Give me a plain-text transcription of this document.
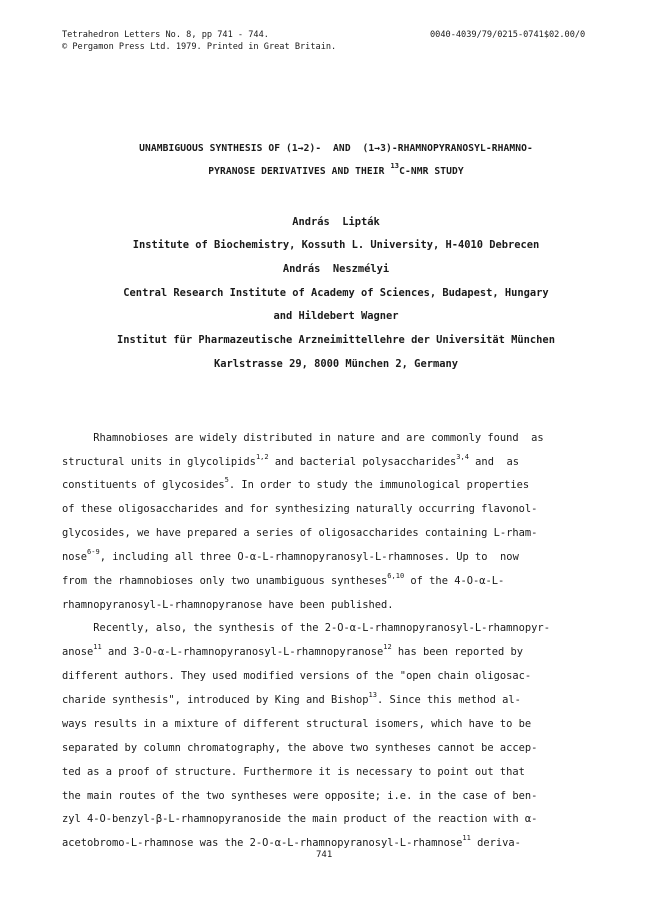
Tetrahedron Letters No. 8, pp 741 - 744.
© Pergamon Press Ltd. 1979. Printed in Great Britain.
0040-4039/79/0215-0741$02.00/0
UNAMBIGUOUS SYNTHESIS OF (1→2)-  AND  (1→3)-RHAMNOPYRANOSYL-RHAMNO-
PYRANOSE DERIVATIVES AND THEIR $^{13}$C-NMR STUDY
András  Lipták
Institute of Biochemistry, Kossuth L. University, H-4010 Debrecen
András  Neszmélyi
Central Research Institute of Academy of Sciences, Budapest, Hungary
and Hildebert Wagner
Institut für Pharmazeutische Arzneimittellehre der Universität München
Karlstrasse 29, 8000 München 2, Germany
Rhamnobioses are widely distributed in nature and are commonly found  as
structural units in glycolipids$^{1,2}$ and bacterial polysaccharides$^{3,4}$ and  as
constituents of glycosides$^5$. In order to study the immunological properties
of these oligosaccharides and for synthesizing naturally occurring flavonol-
glycosides, we have prepared a series of oligosaccharides containing L-rham-
nose$^{6-9}$, including all three O-α-L-rhamnopyranosyl-L-rhamnoses. Up to  now
from the rhamnobioses only two unambiguous syntheses$^{6,10}$ of the 4-O-α-L-
rhamnopyranosyl-L-rhamnopyranose have been published.
Recently, also, the synthesis of the 2-O-α-L-rhamnopyranosyl-L-rhamnopyr-
anose$^{11}$ and 3-O-α-L-rhamnopyranosyl-L-rhamnopyranose$^{12}$ has been reported by
different authors. They used modified versions of the "open chain oligosac-
charide synthesis", introduced by King and Bishop$^{13}$. Since this method al-
ways results in a mixture of different structural isomers, which have to be
separated by column chromatography, the above two syntheses cannot be accep-
ted as a proof of structure. Furthermore it is necessary to point out that
the main routes of the two syntheses were opposite; i.e. in the case of ben-
zyl 4-O-benzyl-β-L-rhamnopyranoside the main product of the reaction with α-
acetobromo-L-rhamnose was the 2-O-α-L-rhamnopyranosyl-L-rhamnose$^{11}$ deriva-
741
